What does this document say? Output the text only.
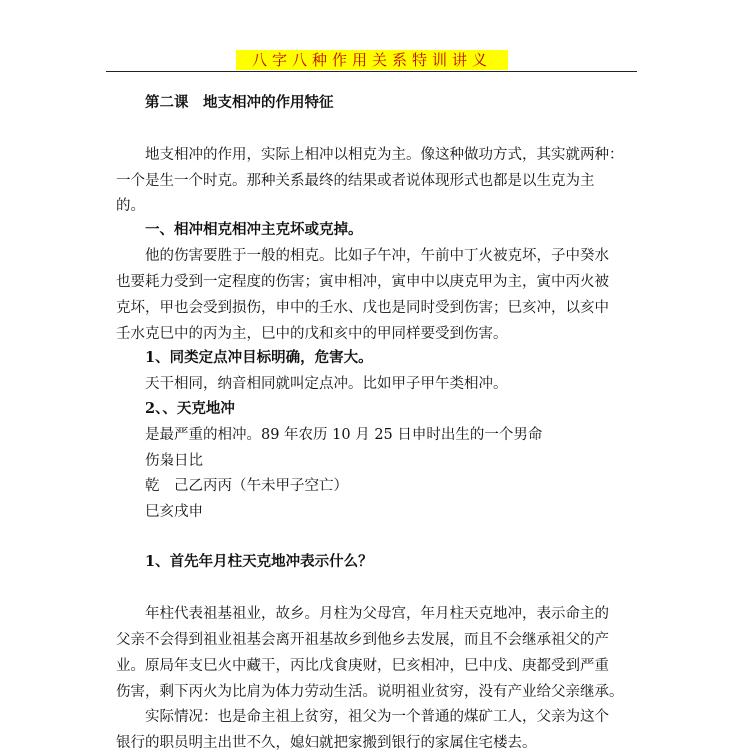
八字八种作用关系特训讲义
第二课　地支相冲的作用特征
地支相冲的作用，实际上相冲以相克为主。像这种做功方式，其实就两种：
一个是生一个时克。那种关系最终的结果或者说体现形式也都是以生克为主
的。
一、相冲相克相冲主克坏或克掉。
他的伤害要胜于一般的相克。比如子午冲，午前中丁火被克坏，子中癸水
也要耗力受到一定程度的伤害；寅申相冲，寅申中以庚克甲为主，寅中丙火被
克坏，甲也会受到损伤，申中的壬水、戊也是同时受到伤害；巳亥冲，以亥中
壬水克巳中的丙为主，巳中的戊和亥中的甲同样要受到伤害。
1、同类定点冲目标明确，危害大。
天干相同，纳音相同就叫定点冲。比如甲子甲午类相冲。
2、、天克地冲
是最严重的相冲。89 年农历 10 月 25 日申时出生的一个男命
伤枭日比
乾　己乙丙丙（午未甲子空亡）
巳亥戌申
1、首先年月柱天克地冲表示什么？
年柱代表祖基祖业，故乡。月柱为父母宫，年月柱天克地冲，表示命主的
父亲不会得到祖业祖基会离开祖基故乡到他乡去发展，而且不会继承祖父的产
业。原局年支巳火中藏干，丙比戊食庚财，巳亥相冲，巳中戊、庚都受到严重
伤害，剩下丙火为比肩为体力劳动生活。说明祖业贫穷，没有产业给父亲继承。
实际情况：也是命主祖上贫穷，祖父为一个普通的煤矿工人，父亲为这个
银行的职员明主出世不久，媳妇就把家搬到银行的家属住宅楼去。
